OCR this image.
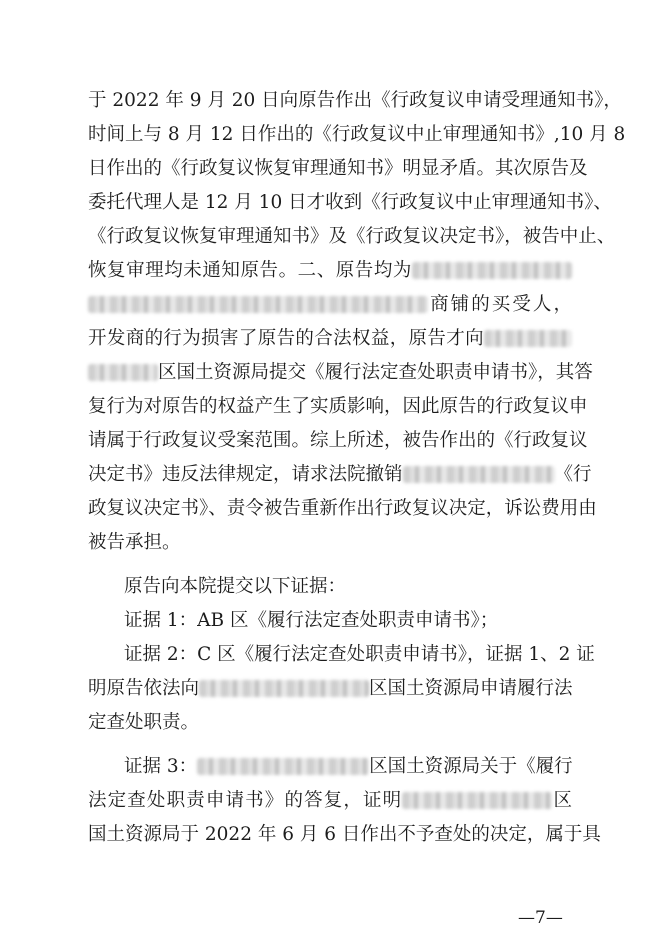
于 2022 年 9 月 20 日向原告作出《行政复议申请受理通知书》，
时间上与 8 月 12 日作出的《行政复议中止审理通知书》,10 月 8
日作出的《行政复议恢复审理通知书》明显矛盾。其次原告及
委托代理人是 12 月 10 日才收到《行政复议中止审理通知书》、
《行政复议恢复审理通知书》及《行政复议决定书》，被告中止、
恢复审理均未通知原告。二、原告均为
商铺的买受人，
开发商的行为损害了原告的合法权益，原告才向
区国土资源局提交《履行法定查处职责申请书》，其答
复行为对原告的权益产生了实质影响，因此原告的行政复议申
请属于行政复议受案范围。综上所述，被告作出的《行政复议
决定书》违反法律规定，请求法院撤销	《行
政复议决定书》、责令被告重新作出行政复议决定，诉讼费用由
被告承担。
原告向本院提交以下证据：
证据 1：AB 区《履行法定查处职责申请书》；
证据 2：C 区《履行法定查处职责申请书》，证据 1、2 证
明原告依法向	区国土资源局申请履行法
定查处职责。
证据 3：	区国土资源局关于《履行
法定查处职责申请书》的答复，证明	区
国土资源局于 2022 年 6 月 6 日作出不予查处的决定，属于具
—7—
